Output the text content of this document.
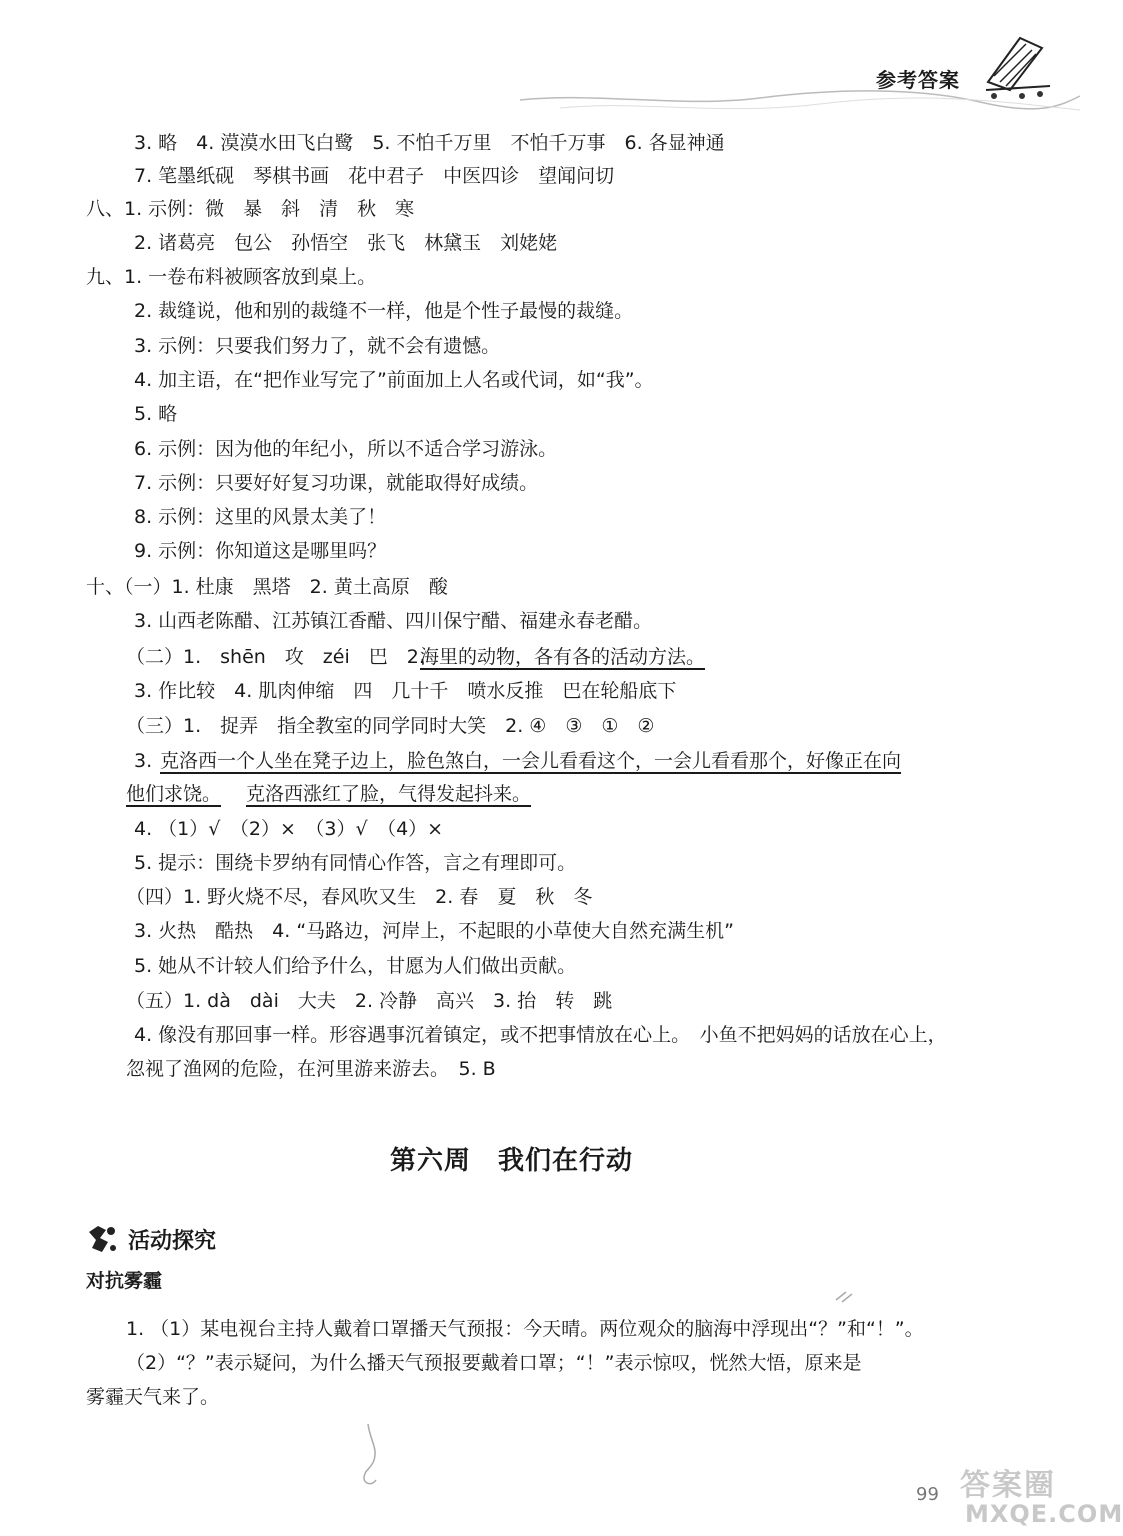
参考答案
3. 略　4. 漠漠水田飞白鹭　5. 不怕千万里　不怕千万事　6. 各显神通
7. 笔墨纸砚　琴棋书画　花中君子　中医四诊　望闻问切
八、1. 示例：微　暴　斜　清　秋　寒
2. 诸葛亮　包公　孙悟空　张飞　林黛玉　刘姥姥
九、1. 一卷布料被顾客放到桌上。
2. 裁缝说，他和别的裁缝不一样，他是个性子最慢的裁缝。
3. 示例：只要我们努力了，就不会有遗憾。
4. 加主语，在“把作业写完了”前面加上人名或代词，如“我”。
5. 略
6. 示例：因为他的年纪小，所以不适合学习游泳。
7. 示例：只要好好复习功课，就能取得好成绩。
8. 示例：这里的风景太美了！
9. 示例：你知道这是哪里吗？
十、（一）1. 杜康　黑塔　2. 黄土高原　酸
3. 山西老陈醋、江苏镇江香醋、四川保宁醋、福建永春老醋。
（二）1.　shēn　攻　zéi　巴　2.
海里的动物，各有各的活动方法。
3. 作比较　4. 肌肉伸缩　四　几十千　喷水反推　巴在轮船底下
（三）1.　捉弄　指全教室的同学同时大笑　2. ④　③　①　②
3. 克洛西一个人坐在凳子边上，脸色煞白，一会儿看看这个，一会儿看看那个，好像正在向
他们求饶。 克洛西涨红了脸，气得发起抖来。
4. （1）√　（2）×　（3）√　（4）×
5. 提示：围绕卡罗纳有同情心作答，言之有理即可。
（四）1. 野火烧不尽，春风吹又生　2. 春　夏　秋　冬
3. 火热　酷热　4. “马路边，河岸上，不起眼的小草使大自然充满生机”
5. 她从不计较人们给予什么，甘愿为人们做出贡献。
（五）1. dà　dài　大夫　2. 冷静　高兴　3. 抬　转　跳
4. 像没有那回事一样。形容遇事沉着镇定，或不把事情放在心上。　小鱼不把妈妈的话放在心上，
忽视了渔网的危险，在河里游来游去。　5. B
第六周　我们在行动
活动探究
对抗雾霾
1. （1）某电视台主持人戴着口罩播天气预报：今天晴。两位观众的脑海中浮现出“？”和“！”。
（2）“？”表示疑问，为什么播天气预报要戴着口罩；“！”表示惊叹，恍然大悟，原来是
雾霾天气来了。
99 答案圈
MXQE.COM
